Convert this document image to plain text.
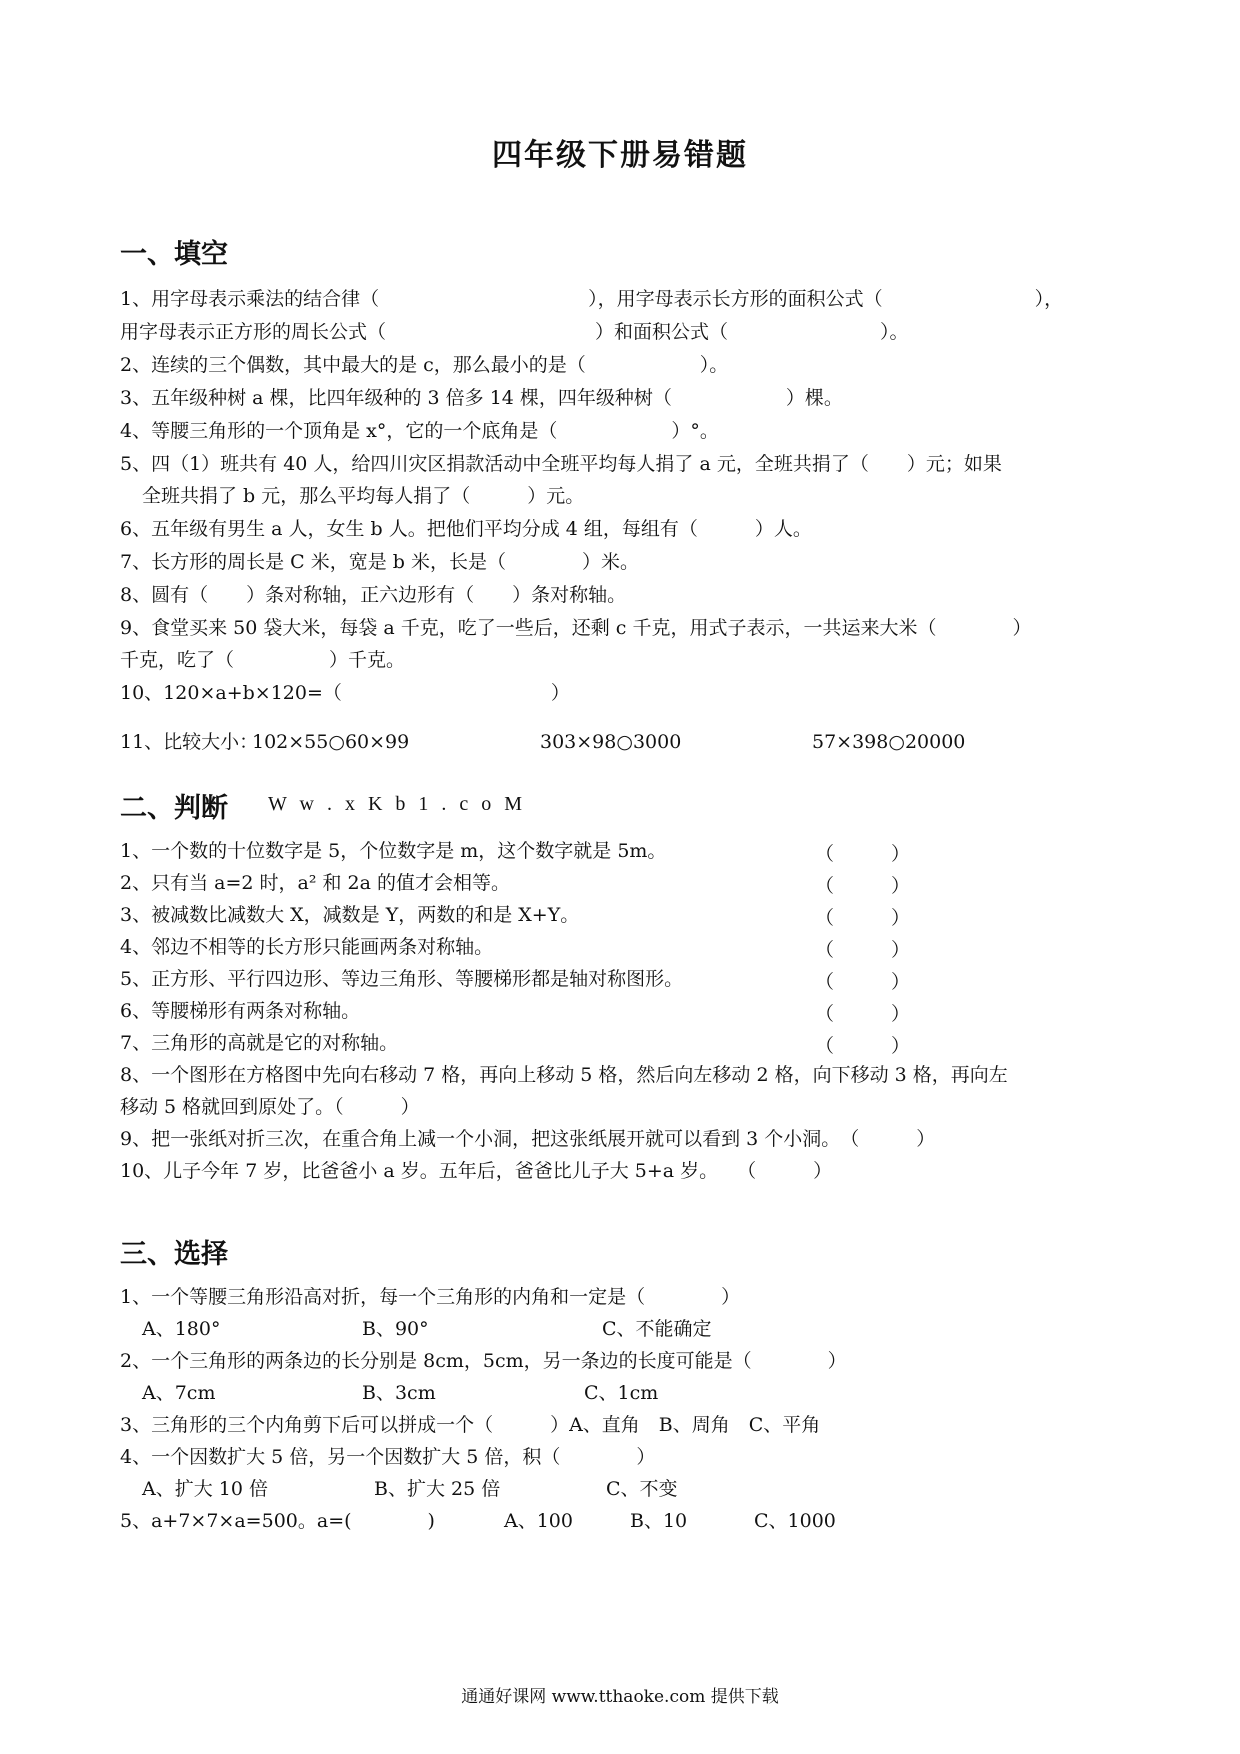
四年级下册易错题
一、填空
1、用字母表示乘法的结合律（　　　　　　　　　　　），用字母表示长方形的面积公式（　　　　　　　　），
用字母表示正方形的周长公式（　　　　　　　　　　　）和面积公式（　　　　　　　　）。
2、连续的三个偶数，其中最大的是 c，那么最小的是（　　　　　　）。
3、五年级种树 a 棵，比四年级种的 3 倍多 14 棵，四年级种树（　　　　　　）棵。
4、等腰三角形的一个顶角是 x°，它的一个底角是（　　　　　　）°。
5、四（1）班共有 40 人，给四川灾区捐款活动中全班平均每人捐了 a 元，全班共捐了（　　）元；如果
全班共捐了 b 元，那么平均每人捐了（　　　）元。
6、五年级有男生 a 人，女生 b 人。把他们平均分成 4 组，每组有（　　　）人。
7、长方形的周长是 C 米，宽是 b 米，长是（　　　　）米。
8、圆有（　　）条对称轴，正六边形有（　　）条对称轴。
9、食堂买来 50 袋大米，每袋 a 千克，吃了一些后，还剩 c 千克，用式子表示，一共运来大米（　　　　）
千克，吃了（　　　　　）千克。
10、120×a+b×120=（　　　　　　　　　　　）
11、比较大小：
102×55○60×99	303×98○3000	57×398○20000
二、判断 W w . x K b 1 . c o M
1、一个数的十位数字是 5，个位数字是 m，这个数字就是 5m。	（　　　）
2、只有当 a=2 时，a² 和 2a 的值才会相等。	（　　　）
3、被减数比减数大 X，减数是 Y，两数的和是 X+Y。	（　　　）
4、邻边不相等的长方形只能画两条对称轴。	（　　　）
5、正方形、平行四边形、等边三角形、等腰梯形都是轴对称图形。	（　　　）
6、等腰梯形有两条对称轴。	（　　　）
7、三角形的高就是它的对称轴。	（　　　）
8、一个图形在方格图中先向右移动 7 格，再向上移动 5 格，然后向左移动 2 格，向下移动 3 格，再向左
移动 5 格就回到原处了。（　　　）
9、把一张纸对折三次，在重合角上减一个小洞，把这张纸展开就可以看到 3 个小洞。　（　　　）
10、儿子今年 7 岁，比爸爸小 a 岁。五年后，爸爸比儿子大 5+a 岁。　　（　　　）
三、选择
1、一个等腰三角形沿高对折，每一个三角形的内角和一定是（　　　　）
A、180°	B、90°	C、不能确定
2、一个三角形的两条边的长分别是 8cm，5cm，另一条边的长度可能是（　　　　）
A、7cm	B、3cm	C、1cm
3、三角形的三个内角剪下后可以拼成一个（　　　）A、直角　B、周角　C、平角
4、一个因数扩大 5 倍，另一个因数扩大 5 倍，积（　　　　）
A、扩大 10 倍	B、扩大 25 倍	C、不变
5、a+7×7×a=500。a=(　　　　)	A、100	B、10	C、1000
通通好课网 www.tthaoke.com 提供下载
